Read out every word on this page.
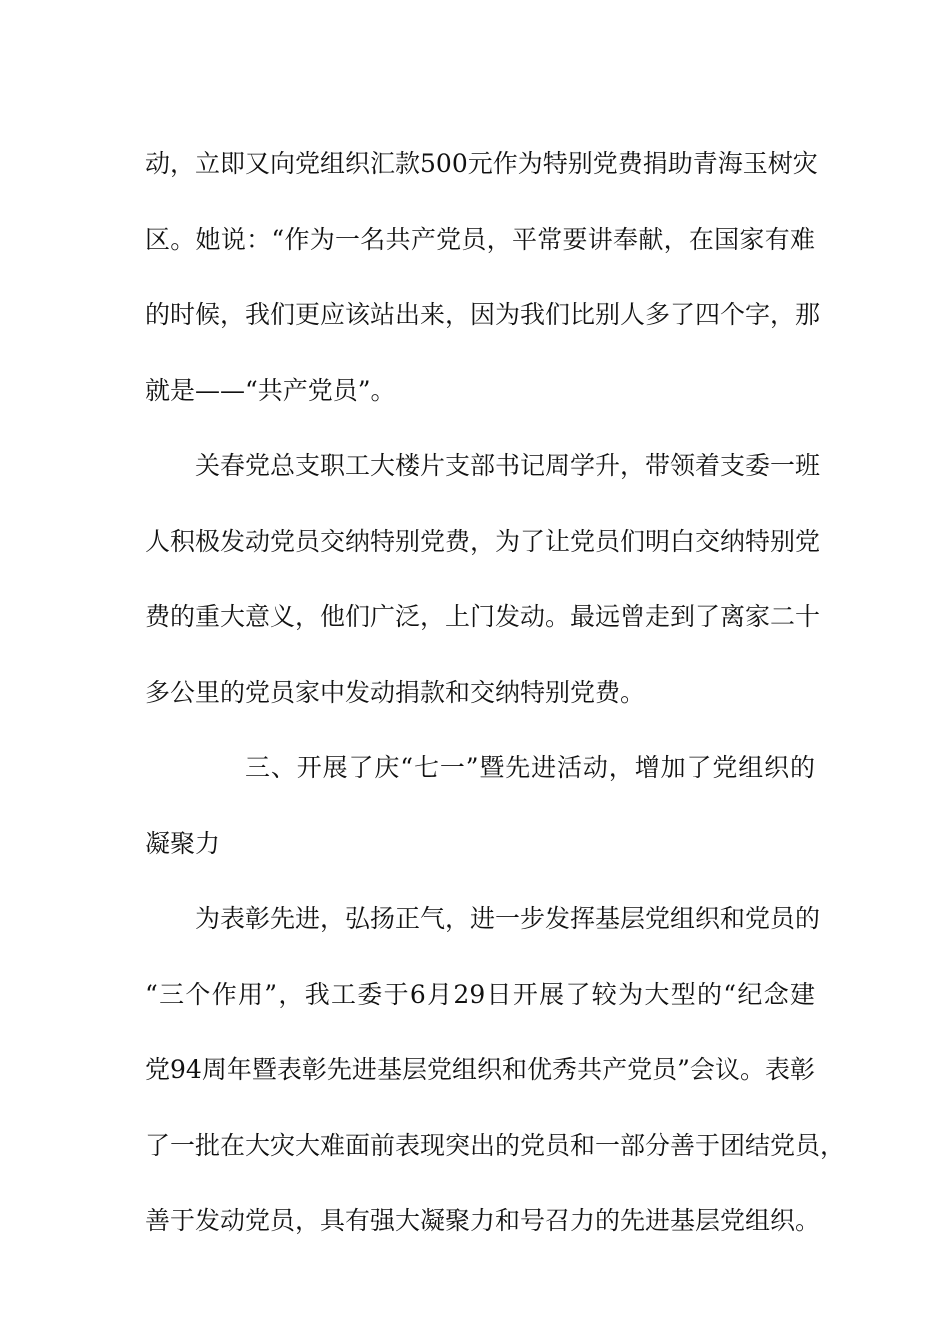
动，立即又向党组织汇款500元作为特别党费捐助青海玉树灾
区。她说：“作为一名共产党员，平常要讲奉献，在国家有难
的时候，我们更应该站出来，因为我们比别人多了四个字，那
就是——“共产党员”。
关春党总支职工大楼片支部书记周学升，带领着支委一班
人积极发动党员交纳特别党费，为了让党员们明白交纳特别党
费的重大意义，他们广泛，上门发动。最远曾走到了离家二十
多公里的党员家中发动捐款和交纳特别党费。
三、开展了庆“七一”暨先进活动，增加了党组织的
凝聚力
为表彰先进，弘扬正气，进一步发挥基层党组织和党员的
“三个作用”，我工委于6月29日开展了较为大型的“纪念建
党94周年暨表彰先进基层党组织和优秀共产党员”会议。表彰
了一批在大灾大难面前表现突出的党员和一部分善于团结党员，
善于发动党员，具有强大凝聚力和号召力的先进基层党组织。
